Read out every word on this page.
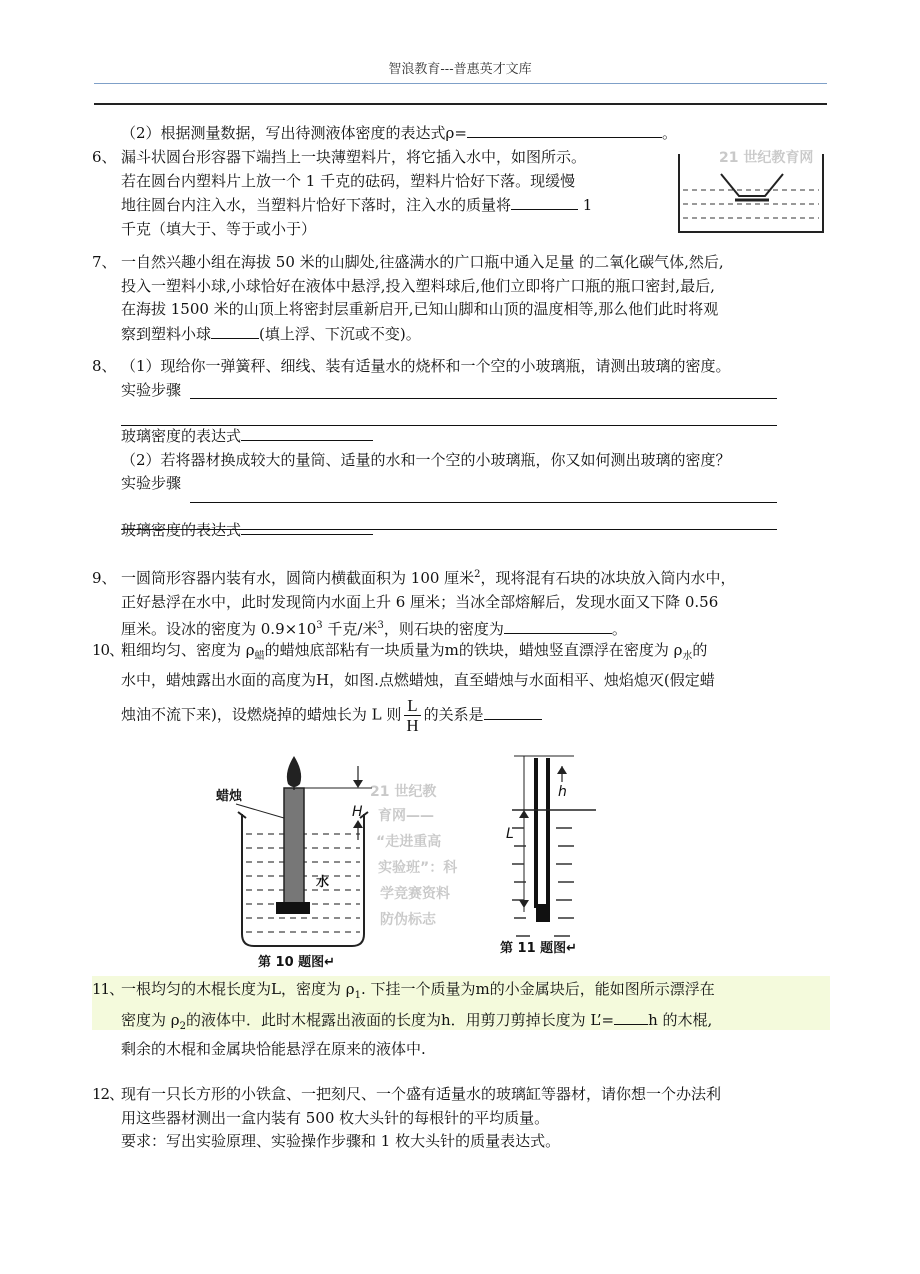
智浪教育---普惠英才文库
（2）根据测量数据，写出待测液体密度的表达式ρ=	。
6、 漏斗状圆台形容器下端挡上一块薄塑料片，将它插入水中，如图所示。
若在圆台内塑料片上放一个 1 千克的砝码，塑料片恰好下落。现缓慢
地往圆台内注入水，当塑料片恰好下落时，注入水的质量将	1
千克（填大于、等于或小于）
21 世纪教育网
7、 一自然兴趣小组在海拔 50 米的山脚处,往盛满水的广口瓶中通入足量 的二氧化碳气体,然后,
投入一塑料小球,小球恰好在液体中悬浮,投入塑料球后,他们立即将广口瓶的瓶口密封,最后,
在海拔 1500 米的山顶上将密封层重新启开,已知山脚和山顶的温度相等,那么他们此时将观
察到塑料小球	(填上浮、下沉或不变)。
8、 （1）现给你一弹簧秤、细线、装有适量水的烧杯和一个空的小玻璃瓶，请测出玻璃的密度。
实验步骤
玻璃密度的表达式
（2）若将器材换成较大的量筒、适量的水和一个空的小玻璃瓶，你又如何测出玻璃的密度？
实验步骤
玻璃密度的表达式
9、 一圆筒形容器内装有水，圆筒内横截面积为 100 厘米$^2$，现将混有石块的冰块放入筒内水中，
正好悬浮在水中，此时发现筒内水面上升 6 厘米；当冰全部熔解后，发现水面又下降 0.56
厘米。设冰的密度为 $0.9\times 10^3$ 千克/米$^3$，则石块的密度为	。
10、粗细均匀、密度为 $\rho_蜡$的蜡烛底部粘有一块质量为m的铁块，蜡烛竖直漂浮在密度为 $\rho_水$的
水中，蜡烛露出水面的高度为H，如图.点燃蜡烛，直至蜡烛与水面相平、烛焰熄灭(假定蜡
烛油不流下来)，设燃烧掉的蜡烛长为 L 则 $\frac{L}{H}$ 的关系是
21 世纪教
育网——
“走进重高
实验班”：科
学竞赛资料
防伪标志
蜡烛
H
水
第 10 题图↵
h
L
第 11 题图↵
11、一根均匀的木棍长度为L，密度为 $\rho_1$. 下挂一个质量为m的小金属块后，能如图所示漂浮在
密度为 $\rho_2$的液体中．此时木棍露出液面的长度为h．用剪刀剪掉长度为 L’= h 的木棍,
剩余的木棍和金属块恰能悬浮在原来的液体中.
12、现有一只长方形的小铁盒、一把刻尺、一个盛有适量水的玻璃缸等器材，请你想一个办法利
用这些器材测出一盒内装有 500 枚大头针的每根针的平均质量。
要求：写出实验原理、实验操作步骤和 1 枚大头针的质量表达式。
